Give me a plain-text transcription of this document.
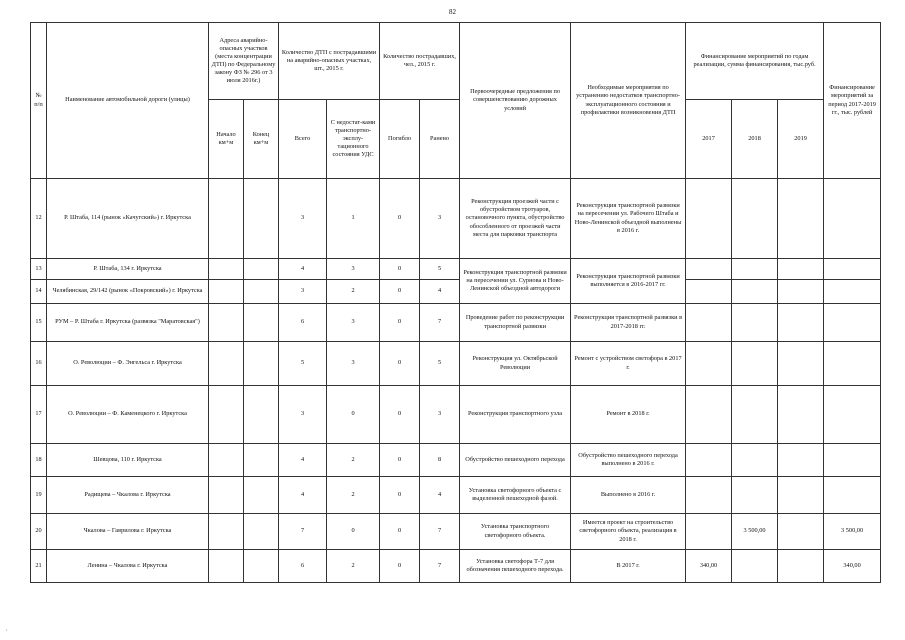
82
№ п/п	Наименование автомобильной дороги (улицы)	Адреса аварийно-опасных участков (места концентрации ДТП) по Федеральному закону ФЗ № 296 от 3 июля 2016г.)		Количество ДТП с пострадавшими на аварийно-опасных участках, шт., 2015 г.		Количество пострадавших, чел., 2015 г.		Первоочередные предложения по совершенствованию дорожных условий	Необходимые мероприятия по устранению недостатков транспортно-эксплуатационного состояния и профилактики возникновения ДТП	Финансирование мероприятий по годам реализации, сумма финансирования, тыс.руб.			Финансирование мероприятий за период 2017-2019 гг., тыс. рублей
		Начало км+м	Конец км+м	Всего	С недостат-ками транспортно-эксплу-тационного состояния УДС	Погибло	Ранено			2017	2018	2019	
12	Р. Штаба, 114 (рынок «Качугский») г. Иркутска			3	1	0	3	Реконструкция проезжей части с обустройством тротуаров, остановочного пункта, обустройство обособленного от проезжей части места для парковки транспорта	Реконструкция транспортной развязки на пересечении ул. Рабочего Штаба и Ново-Ленинской объездной выполнены в 2016 г.				
13	Р. Штаба, 134 г. Иркутска			4	3	0	5	Реконструкция транспортной развязки на пересечении ул. Сурнова и Ново-Ленинской объездной автодороги	Реконструкция транспортной развязки выполняется в 2016-2017 гг.				
14	Челябинская, 29/142 (рынок «Покровский») г. Иркутска			3	2	0	4						
15	РУМ – Р. Штаба г. Иркутска (развязка "Маратовская")			6	3	0	7	Проведение работ по реконструкции транспортной развязки	Реконструкция транспортной развязки в 2017-2018 гг.				
16	О. Революции – Ф. Энгельса г. Иркутска			5	3	0	5	Реконструкция ул. Октябрьской Революции	Ремонт с устройством светофора в 2017 г.				
17	О. Революции – Ф. Каменецкого г. Иркутска			3	0	0	3	Реконструкция транспортного узла	Ремонт в 2018 г.				
18	Шевцова, 110 г. Иркутска			4	2	0	8	Обустройство пешеходного перехода	Обустройство пешеходного перехода выполнено в 2016 г.				
19	Радищева – Чкалова г. Иркутска			4	2	0	4	Установка светофорного объекта с выделенной пешеходной фазой.	Выполнено в 2016 г.				
20	Чкалова – Гаврилова г. Иркутска			7	0	0	7	Установка транспортного светофорного объекта.	Имеется проект на строительство светофорного объекта, реализация в 2018 г.		3 500,00		3 500,00
21	Ленина – Чкалова г. Иркутска			6	2	0	7	Установка светофора Т-7 для обозначения пешеходного перехода.	В 2017 г.	340,00			340,00
′
